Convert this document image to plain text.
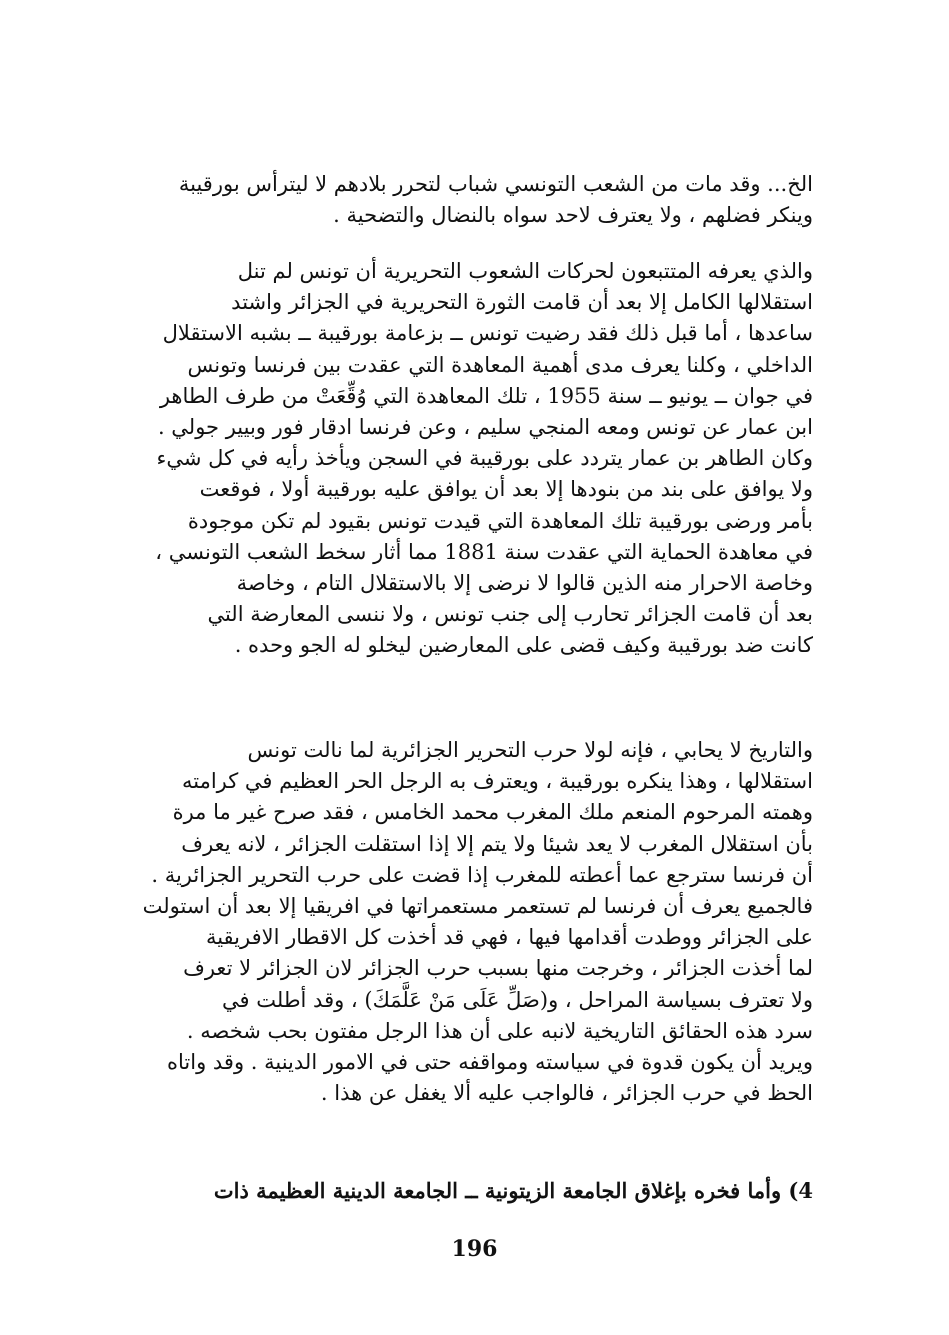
الخ... وقد مات من الشعب التونسي شباب لتحرر بلادهم لا ليترأس بورقيبة
وينكر فضلهم ، ولا يعترف لاحد سواه بالنضال والتضحية .
والذي يعرفه المتتبعون لحركات الشعوب التحريرية أن تونس لم تنل
استقلالها الكامل إلا بعد أن قامت الثورة التحريرية في الجزائر واشتد
ساعدها ، أما قبل ذلك فقد رضيت تونس ــ بزعامة بورقيبة ــ بشبه الاستقلال
الداخلي ، وكلنا يعرف مدى أهمية المعاهدة التي عقدت بين فرنسا وتونس
في جوان ــ يونيو ــ سنة 1955 ، تلك المعاهدة التي وُقِّعَتْ من طرف الطاهر
ابن عمار عن تونس ومعه المنجي سليم ، وعن فرنسا ادقار فور وبيير جولي .
وكان الطاهر بن عمار يتردد على بورقيبة في السجن ويأخذ رأيه في كل شيء
ولا يوافق على بند من بنودها إلا بعد أن يوافق عليه بورقيبة أولا ، فوقعت
بأمر ورضى بورقيبة تلك المعاهدة التي قيدت تونس بقيود لم تكن موجودة
في معاهدة الحماية التي عقدت سنة 1881 مما أثار سخط الشعب التونسي ،
وخاصة الاحرار منه الذين قالوا لا نرضى إلا بالاستقلال التام ، وخاصة
بعد أن قامت الجزائر تحارب إلى جنب تونس ، ولا ننسى المعارضة التي
كانت ضد بورقيبة وكيف قضى على المعارضين ليخلو له الجو وحده .
والتاريخ لا يحابي ، فإنه لولا حرب التحرير الجزائرية لما نالت تونس
استقلالها ، وهذا ينكره بورقيبة ، ويعترف به الرجل الحر العظيم في كرامته
وهمته المرحوم المنعم ملك المغرب محمد الخامس ، فقد صرح غير ما مرة
بأن استقلال المغرب لا يعد شيئا ولا يتم إلا إذا استقلت الجزائر ، لانه يعرف
أن فرنسا سترجع عما أعطته للمغرب إذا قضت على حرب التحرير الجزائرية .
فالجميع يعرف أن فرنسا لم تستعمر مستعمراتها في افريقيا إلا بعد أن استولت
على الجزائر ووطدت أقدامها فيها ، فهي قد أخذت كل الاقطار الافريقية
لما أخذت الجزائر ، وخرجت منها بسبب حرب الجزائر لان الجزائر لا تعرف
ولا تعترف بسياسة المراحل ، و(صَلِّ عَلَى مَنْ عَلَّمَكَ) ، وقد أطلت في
سرد هذه الحقائق التاريخية لانبه على أن هذا الرجل مفتون بحب شخصه .
ويريد أن يكون قدوة في سياسته ومواقفه حتى في الامور الدينية . وقد واتاه
الحظ في حرب الجزائر ، فالواجب عليه ألا يغفل عن هذا .
4) وأما فخره بإغلاق الجامعة الزيتونية ــ الجامعة الدينية العظيمة ذات
196
